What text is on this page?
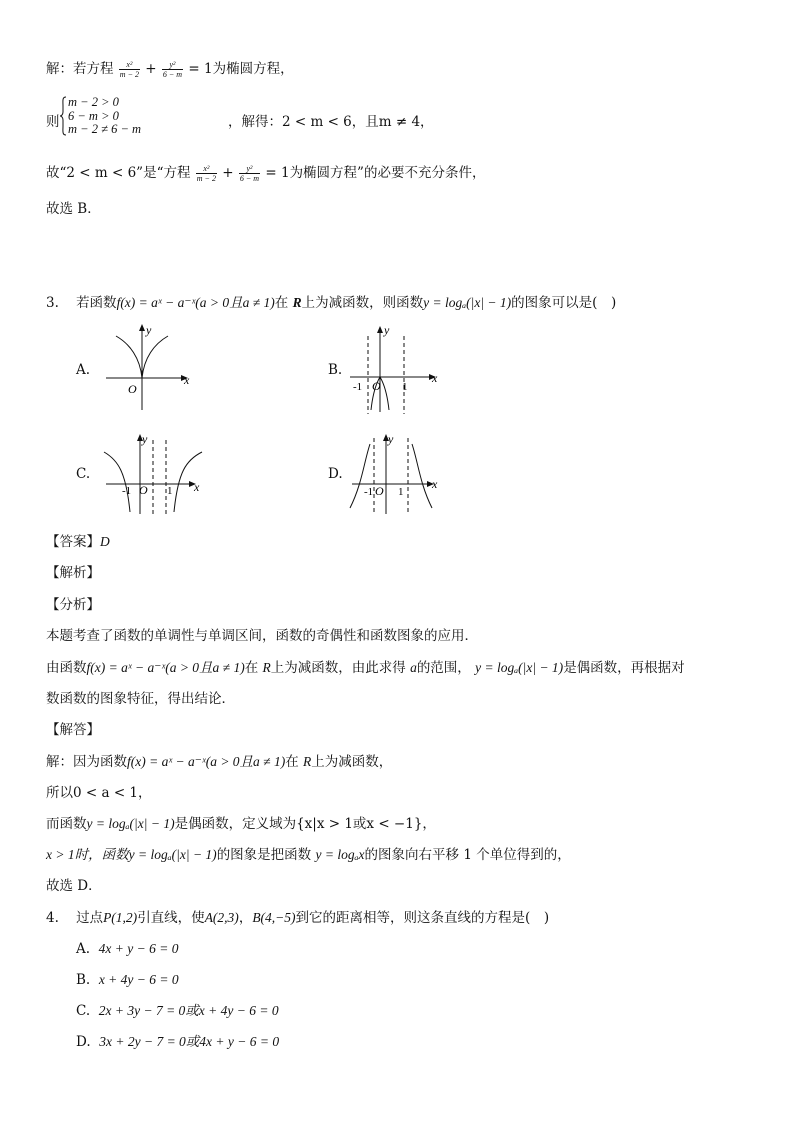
解：若方程 $\frac{\text{x²}}{m - 2} + \frac{\text{y²}}{6 - m} = 1$为椭圆方程，
则
m − 2 > 0
6 − m > 0
m − 2 ≠ 6 − m	，解得：2 < m < 6，且m ≠ 4，
故“2 < m < 6”是“方程 $\frac{\text{x²}}{m - 2} + \frac{\text{y²}}{6 - m} = 1$为椭圆方程”的必要不充分条件，
故选 B．
3. 若函数f(x) = aˣ − a⁻ˣ(a > 0且a ≠ 1)在 R上为减函数，则函数y = logₐ(|x| − 1)的图象可以是(　)
A.
y
x
O
B.
y
x
-1 O 1
C.
y
x
-1 O 1
D.
y
x
-1 O 1
【答案】D
【解析】
【分析】
本题考查了函数的单调性与单调区间，函数的奇偶性和函数图象的应用．
由函数f(x) = aˣ − a⁻ˣ(a > 0且a ≠ 1)在 R上为减函数，由此求得 a的范围， y = logₐ(|x| − 1)是偶函数，再根据对
数函数的图象特征，得出结论．
【解答】
解：因为函数f(x) = aˣ − a⁻ˣ(a > 0且a ≠ 1)在 R上为减函数，
所以0 < a < 1，
而函数y = logₐ(|x| − 1)是偶函数，定义域为{x|x > 1或x < −1}，
x > 1时，函数y = logₐ(|x| − 1)的图象是把函数 y = logₐx的图象向右平移 1 个单位得到的，
故选 D．
4. 过点P(1,2)引直线，使A(2,3)，B(4,−5)到它的距离相等，则这条直线的方程是(　)
A. 4x + y − 6 = 0
B. x + 4y − 6 = 0
C. 2x + 3y − 7 = 0或x + 4y − 6 = 0
D. 3x + 2y − 7 = 0或4x + y − 6 = 0
